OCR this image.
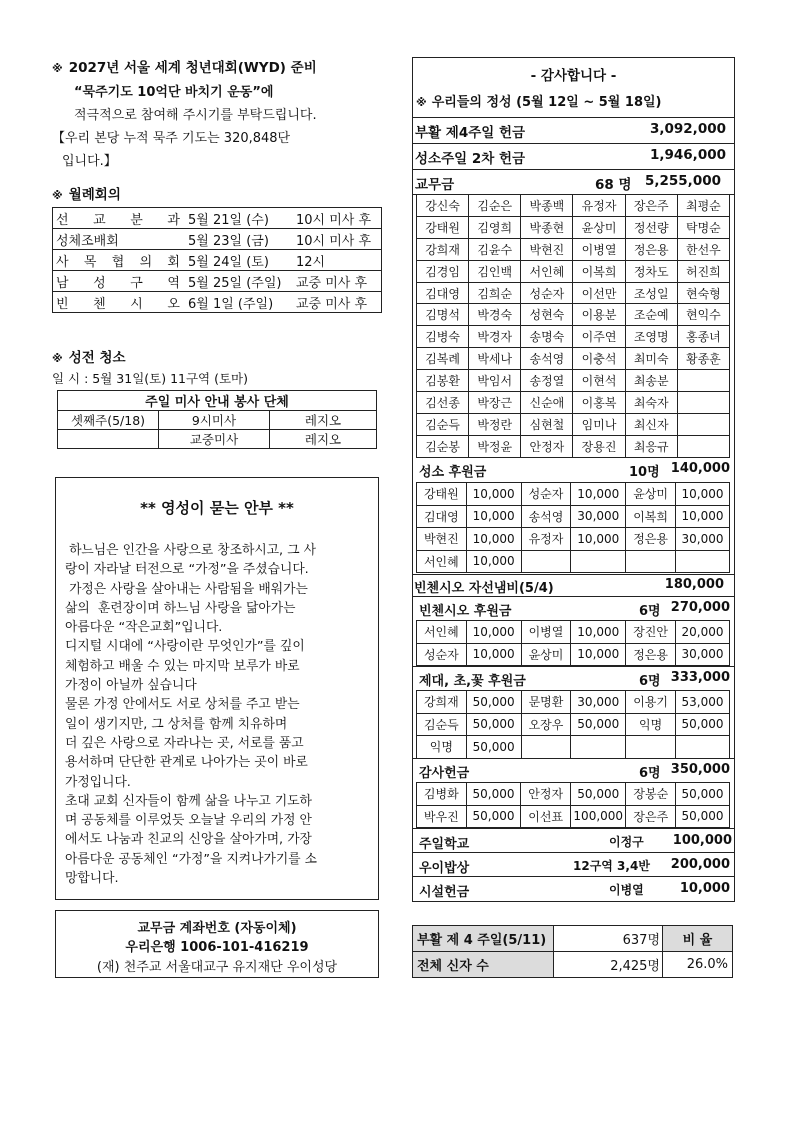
※ 2027년 서울 세계 청년대회(WYD) 준비
“묵주기도 10억단 바치기 운동”에
적극적으로 참여해 주시기를 부탁드립니다.
【우리 본당 누적 묵주 기도는 320,848단
입니다.】
※ 월례회의
선 교 분 과 5월 21일 (수) 10시 미사 후
성체조배회	5월 23일 (금) 10시 미사 후
사 목 협 의 회 5월 24일 (토) 12시
남 성 구 역 5월 25일 (주일) 교중 미사 후
빈 첸 시 오 6월 1일 (주일) 교중 미사 후
※ 성전 청소
일 시 : 5월 31일(토) 11구역 (토마)
주일 미사 안내 봉사 단체		
셋째주(5/18)	9시미사	레지오
	교중미사	레지오
** 영성이 묻는 안부 **
하느님은 인간을 사랑으로 창조하시고, 그 사
랑이 자라날 터전으로 “가정”을 주셨습니다.
가정은 사랑을 살아내는 사람됨을 배워가는
삶의  훈련장이며 하느님 사랑을 닮아가는
아름다운 “작은교회”입니다.
디지털 시대에 “사랑이란 무엇인가”를 깊이
체험하고 배울 수 있는 마지막 보루가 바로
가정이 아닐까 싶습니다
물론 가정 안에서도 서로 상처를 주고 받는
일이 생기지만, 그 상처를 함께 치유하며
더 깊은 사랑으로 자라나는 곳, 서로를 품고
용서하며 단단한 관계로 나아가는 곳이 바로
가정입니다.
초대 교회 신자들이 함께 삶을 나누고 기도하
며 공동체를 이루었듯 오늘날 우리의 가정 안
에서도 나눔과 친교의 신앙을 살아가며, 가장
아름다운 공동체인 “가정”을 지켜나가기를 소
망합니다.
교무금 계좌번호 (자동이체)
우리은행 1006-101-416219
(재) 천주교 서울대교구 유지재단 우이성당
- 감사합니다 -
※ 우리들의 정성 (5월 12일 ~ 5월 18일)
부활 제4주일 헌금	3,092,000
성소주일 2차 헌금	1,946,000
교무금	68 명 5,255,000
강신숙	김순은	박종백	유정자	장은주	최평순
강태원	김영희	박종현	윤상미	정선량	탁명순
강희재	김윤수	박현진	이병열	정은용	한선우
김경임	김인백	서인혜	이복희	정차도	허진희
김대영	김희순	성순자	이선만	조성일	현숙형
김명석	박경숙	성현숙	이용분	조순예	현익수
김병숙	박경자	송명숙	이주연	조영명	홍종녀
김복례	박세나	송석영	이충석	최미숙	황종훈
김봉환	박임서	송정열	이현석	최송분	
김선종	박장근	신순애	이홍복	최숙자	
김순득	박정란	심현철	임미나	최신자	
김순봉	박정윤	안정자	장용진	최응규	
성소 후원금	10명 140,000
강태원	10,000	성순자	10,000	윤상미	10,000
김대영	10,000	송석영	30,000	이복희	10,000
박현진	10,000	유정자	10,000	정은용	30,000
서인혜	10,000				
빈첸시오 자선냄비(5/4)	180,000
빈첸시오 후원금	6명 270,000
서인혜	10,000	이병열	10,000	장진안	20,000
성순자	10,000	윤상미	10,000	정은용	30,000
제대, 초,꽃 후원금	6명 333,000
강희재	50,000	문명환	30,000	이용기	53,000
김순득	50,000	오장우	50,000	익명	50,000
익명	50,000				
감사헌금	6명 350,000
김병화	50,000	안정자	50,000	장봉순	50,000
박우진	50,000	이선표	100,000	장은주	50,000
주일학교	이정구 100,000
우이밥상	12구역 3,4반 200,000
시설헌금	이병열	10,000
부활 제 4 주일(5/11)	637명	비 율
전체 신자 수	2,425명	26.0%
